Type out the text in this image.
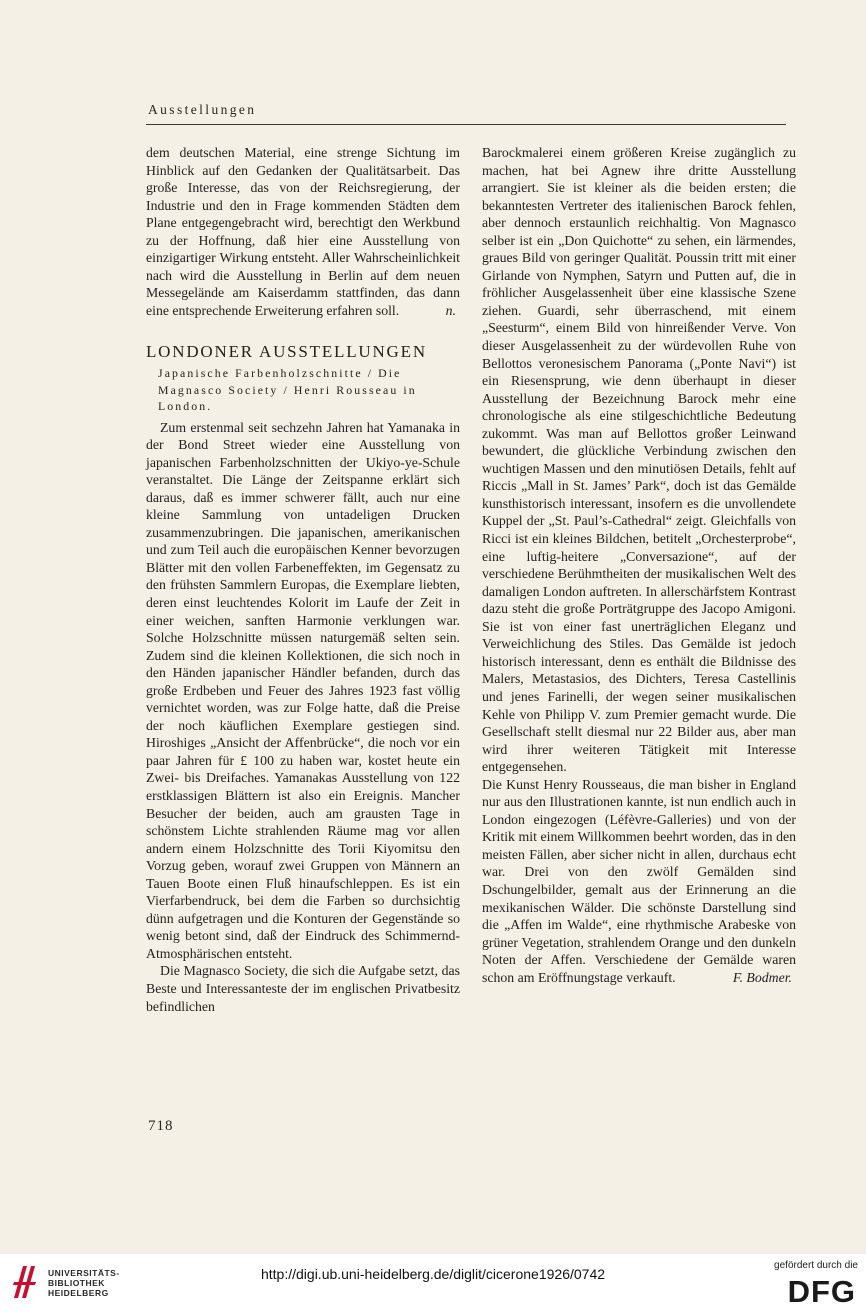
Ausstellungen

dem deutschen Material, eine strenge Sichtung im Hinblick auf den Gedanken der Qualitätsarbeit. Das große Interesse, das von der Reichsregierung, der Industrie und den in Frage kommenden Städten dem Plane entgegengebracht wird, berechtigt den Werkbund zu der Hoffnung, daß hier eine Ausstellung von einzigartiger Wirkung entsteht. Aller Wahrscheinlichkeit nach wird die Ausstellung in Berlin auf dem neuen Messegelände am Kaiserdamm stattfinden, das dann eine entsprechende Erweiterung erfahren soll.	n.

LONDONER AUSSTELLUNGEN

Japanische Farbenholzschnitte / Die Magnasco Society / Henri Rousseau in London.

Zum erstenmal seit sechzehn Jahren hat Yamanaka in der Bond Street wieder eine Ausstellung von japanischen Farbenholzschnitten der Ukiyo-ye-Schule veranstaltet. Die Länge der Zeitspanne erklärt sich daraus, daß es immer schwerer fällt, auch nur eine kleine Sammlung von untadeligen Drucken zusammenzubringen. Die japanischen, amerikanischen und zum Teil auch die europäischen Kenner bevorzugen Blätter mit den vollen Farbeneffekten, im Gegensatz zu den frühsten Sammlern Europas, die Exemplare liebten, deren einst leuchtendes Kolorit im Laufe der Zeit in einer weichen, sanften Harmonie verklungen war. Solche Holzschnitte müssen naturgemäß selten sein. Zudem sind die kleinen Kollektionen, die sich noch in den Händen japanischer Händler befanden, durch das große Erdbeben und Feuer des Jahres 1923 fast völlig vernichtet worden, was zur Folge hatte, daß die Preise der noch käuflichen Exemplare gestiegen sind. Hiroshiges „Ansicht der Affenbrücke“, die noch vor ein paar Jahren für £ 100 zu haben war, kostet heute ein Zwei- bis Dreifaches. Yamanakas Ausstellung von 122 erstklassigen Blättern ist also ein Ereignis. Mancher Besucher der beiden, auch am grausten Tage in schönstem Lichte strahlenden Räume mag vor allen andern einem Holzschnitte des Torii Kiyomitsu den Vorzug geben, worauf zwei Gruppen von Männern an Tauen Boote einen Fluß hinaufschleppen. Es ist ein Vierfarbendruck, bei dem die Farben so durchsichtig dünn aufgetragen und die Konturen der Gegenstände so wenig betont sind, daß der Eindruck des Schimmernd-Atmosphärischen entsteht.

Die Magnasco Society, die sich die Aufgabe setzt, das Beste und Interessanteste der im englischen Privatbesitz befindlichen

Barockmalerei einem größeren Kreise zugänglich zu machen, hat bei Agnew ihre dritte Ausstellung arrangiert. Sie ist kleiner als die beiden ersten; die bekanntesten Vertreter des italienischen Barock fehlen, aber dennoch erstaunlich reichhaltig. Von Magnasco selber ist ein „Don Quichotte“ zu sehen, ein lärmendes, graues Bild von geringer Qualität. Poussin tritt mit einer Girlande von Nymphen, Satyrn und Putten auf, die in fröhlicher Ausgelassenheit über eine klassische Szene ziehen. Guardi, sehr überraschend, mit einem „Seesturm“, einem Bild von hinreißender Verve. Von dieser Ausgelassenheit zu der würdevollen Ruhe von Bellottos veronesischem Panorama („Ponte Navi“) ist ein Riesensprung, wie denn überhaupt in dieser Ausstellung der Bezeichnung Barock mehr eine chronologische als eine stilgeschichtliche Bedeutung zukommt. Was man auf Bellottos großer Leinwand bewundert, die glückliche Verbindung zwischen den wuchtigen Massen und den minutiösen Details, fehlt auf Riccis „Mall in St. James’ Park“, doch ist das Gemälde kunsthistorisch interessant, insofern es die unvollendete Kuppel der „St. Paul’s-Cathedral“ zeigt. Gleichfalls von Ricci ist ein kleines Bildchen, betitelt „Orchesterprobe“, eine luftig-heitere „Conversazione“, auf der verschiedene Berühmtheiten der musikalischen Welt des damaligen London auftreten. In allerschärfstem Kontrast dazu steht die große Porträtgruppe des Jacopo Amigoni. Sie ist von einer fast unerträglichen Eleganz und Verweichlichung des Stiles. Das Gemälde ist jedoch historisch interessant, denn es enthält die Bildnisse des Malers, Metastasios, des Dichters, Teresa Castellinis und jenes Farinelli, der wegen seiner musikalischen Kehle von Philipp V. zum Premier gemacht wurde. Die Gesellschaft stellt diesmal nur 22 Bilder aus, aber man wird ihrer weiteren Tätigkeit mit Interesse entgegensehen.

Die Kunst Henry Rousseaus, die man bisher in England nur aus den Illustrationen kannte, ist nun endlich auch in London eingezogen (Léfèvre-Galleries) und von der Kritik mit einem Willkommen beehrt worden, das in den meisten Fällen, aber sicher nicht in allen, durchaus echt war. Drei von den zwölf Gemälden sind Dschungelbilder, gemalt aus der Erinnerung an die mexikanischen Wälder. Die schönste Darstellung sind die „Affen im Walde“, eine rhythmische Arabeske von grüner Vegetation, strahlendem Orange und den dunkeln Noten der Affen. Verschiedene der Gemälde waren schon am Eröffnungstage verkauft.	F. Bodmer.

718
UNIVERSITÄTS-
BIBLIOTHEK
HEIDELBERG
http://digi.ub.uni-heidelberg.de/diglit/cicerone1926/0742
gefördert durch die
DFG
